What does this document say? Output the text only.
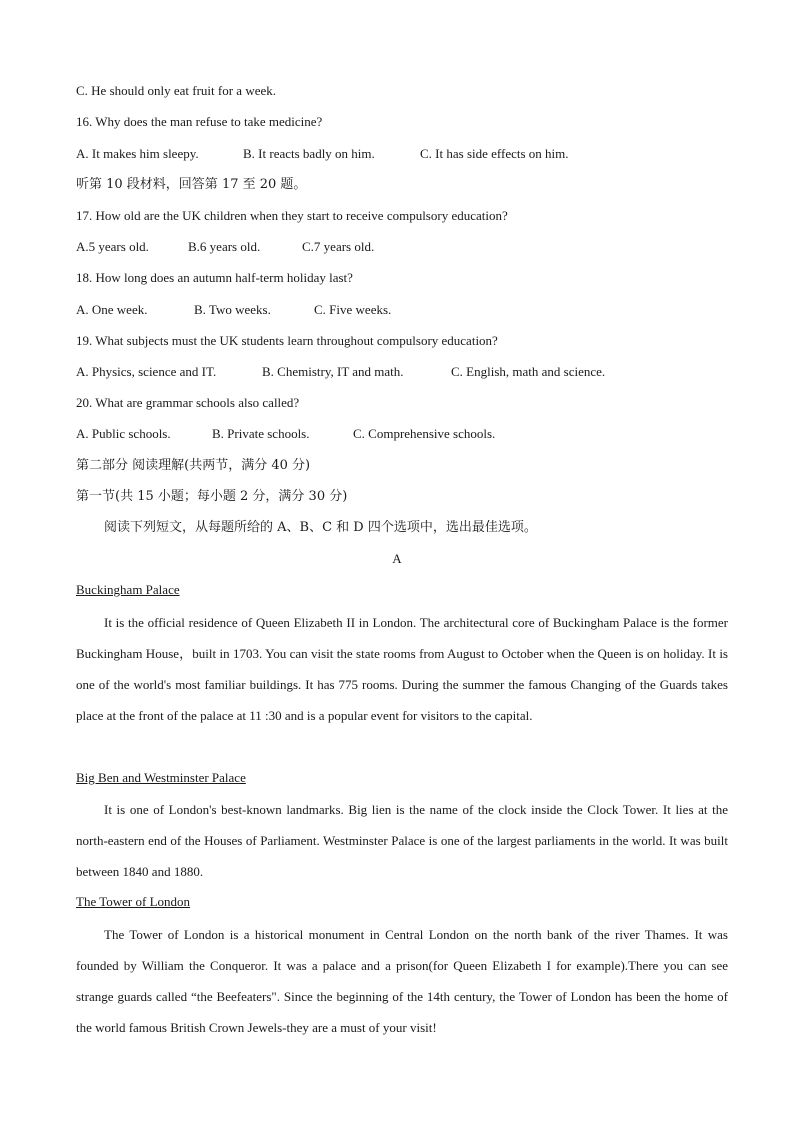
C. He should only eat fruit for a week.
16. Why does the man refuse to take medicine?
A. It makes him sleepy.	B. It reacts badly on him.	C. It has side effects on him.
听第 10 段材料，回答第 17 至 20 题。
17. How old are the UK children when they start to receive compulsory education?
A.5 years old.	B.6 years old.	C.7 years old.
18. How long does an autumn half-term holiday last?
A. One week.	B. Two weeks.	C. Five weeks.
19. What subjects must the UK students learn throughout compulsory education?
A. Physics, science and IT.	B. Chemistry, IT and math.	C. English, math and science.
20. What are grammar schools also called?
A. Public schools.	B. Private schools.	C. Comprehensive schools.
第二部分 阅读理解(共两节，满分 40 分)
第一节(共 15 小题；每小题 2 分，满分 30 分)
阅读下列短文，从每题所给的 A、B、C 和 D 四个选项中，选出最佳选项。
A
Buckingham Palace

It is the official residence of Queen Elizabeth II in London. The architectural core of Buckingham Palace is the former Buckingham House，built in 1703. You can visit the state rooms from August to October when the Queen is on holiday. It is one of the world's most familiar buildings. It has 775 rooms. During the summer the famous Changing of the Guards takes place at the front of the palace at 11 :30 and is a popular event for visitors to the capital.

Big Ben and Westminster Palace

It is one of London's best-known landmarks. Big lien is the name of the clock inside the Clock Tower. It lies at the north-eastern end of the Houses of Parliament. Westminster Palace is one of the largest parliaments in the world. It was built between 1840 and 1880.

The Tower of London

The Tower of London is a historical monument in Central London on the north bank of the river Thames. It was founded by William the Conqueror. It was a palace and a prison(for Queen Elizabeth I for example).There you can see strange guards called “the Beefeaters". Since the beginning of the 14th century, the Tower of London has been the home of the world famous British Crown Jewels-they are a must of your visit!
